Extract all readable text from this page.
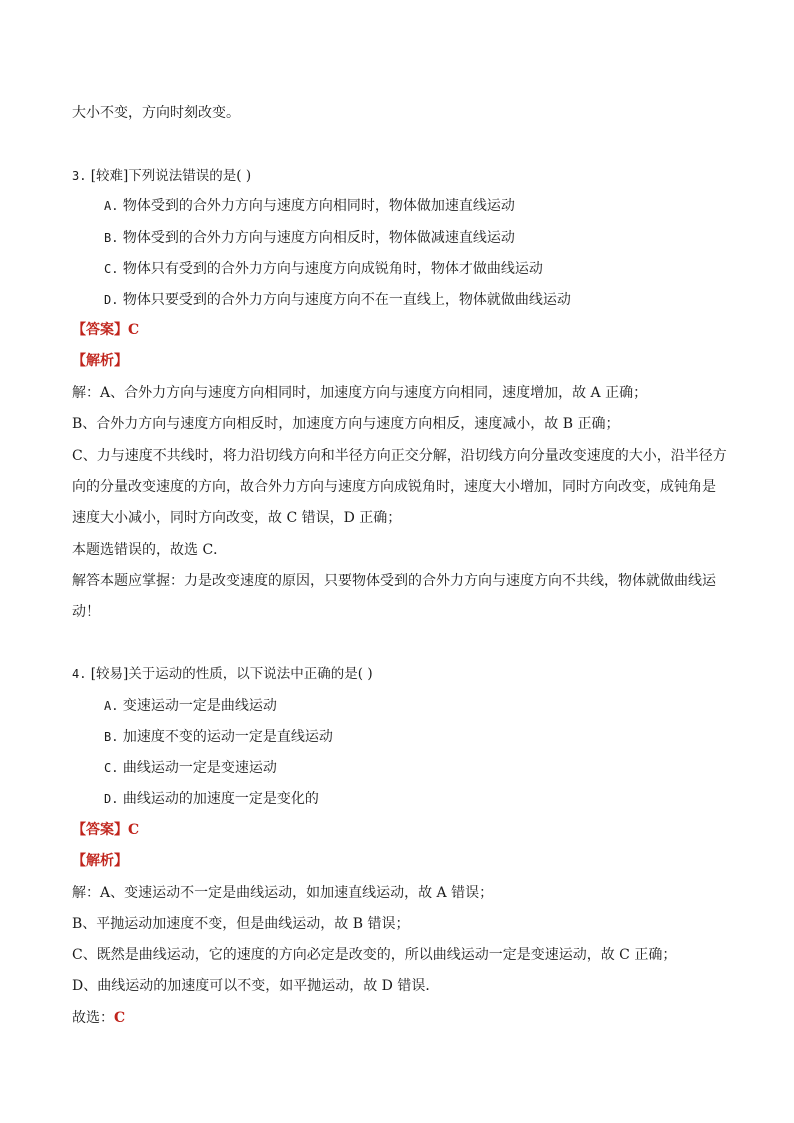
大小不变，方向时刻改变。
3. [较难]下列说法错误的是( )
A. 物体受到的合外力方向与速度方向相同时，物体做加速直线运动
B. 物体受到的合外力方向与速度方向相反时，物体做减速直线运动
C. 物体只有受到的合外力方向与速度方向成锐角时，物体才做曲线运动
D. 物体只要受到的合外力方向与速度方向不在一直线上，物体就做曲线运动
【答案】C
【解析】
解：A、合外力方向与速度方向相同时，加速度方向与速度方向相同，速度增加，故 A 正确；
B、合外力方向与速度方向相反时，加速度方向与速度方向相反，速度减小，故 B 正确；
C、力与速度不共线时，将力沿切线方向和半径方向正交分解，沿切线方向分量改变速度的大小，沿半径方
向的分量改变速度的方向，故合外力方向与速度方向成锐角时，速度大小增加，同时方向改变，成钝角是
速度大小减小，同时方向改变，故 C 错误，D 正确；
本题选错误的，故选 C．
解答本题应掌握：力是改变速度的原因，只要物体受到的合外力方向与速度方向不共线，物体就做曲线运
动！
4. [较易]关于运动的性质，以下说法中正确的是( )
A. 变速运动一定是曲线运动
B. 加速度不变的运动一定是直线运动
C. 曲线运动一定是变速运动
D. 曲线运动的加速度一定是变化的
【答案】C
【解析】
解：A、变速运动不一定是曲线运动，如加速直线运动，故 A 错误；
B、平抛运动加速度不变，但是曲线运动，故 B 错误；
C、既然是曲线运动，它的速度的方向必定是改变的，所以曲线运动一定是变速运动，故 C 正确；
D、曲线运动的加速度可以不变，如平抛运动，故 D 错误．
故选：C
